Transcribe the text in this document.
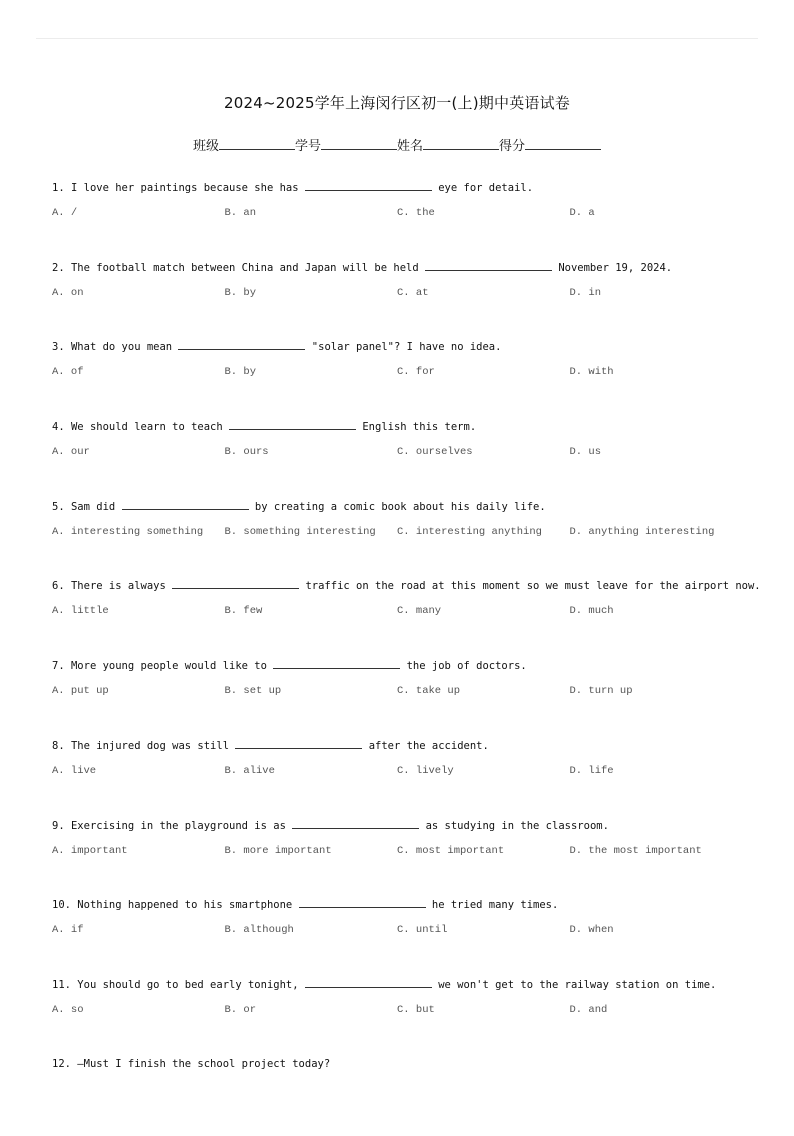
2024~2025学年上海闵行区初一(上)期中英语试卷
班级	学号	姓名	得分
1. I love her paintings because she has	eye for detail.
A. /	B. an	C. the	D. a
2. The football match between China and Japan will be held	November 19, 2024.
A. on	B. by	C. at	D. in
3. What do you mean	"solar panel"? I have no idea.
A. of	B. by	C. for	D. with
4. We should learn to teach	English this term.
A. our	B. ours	C. ourselves	D. us
5. Sam did	by creating a comic book about his daily life.
A. interesting something	B. something interesting	C. interesting anything	D. anything interesting
6. There is always	traffic on the road at this moment so we must leave for the airport now.
A. little	B. few	C. many	D. much
7. More young people would like to	the job of doctors.
A. put up	B. set up	C. take up	D. turn up
8. The injured dog was still	after the accident.
A. live	B. alive	C. lively	D. life
9. Exercising in the playground is as	as studying in the classroom.
A. important	B. more important	C. most important	D. the most important
10. Nothing happened to his smartphone	he tried many times.
A. if	B. although	C. until	D. when
11. You should go to bed early tonight,	we won't get to the railway station on time.
A. so	B. or	C. but	D. and
12. —Must I finish the school project today?
